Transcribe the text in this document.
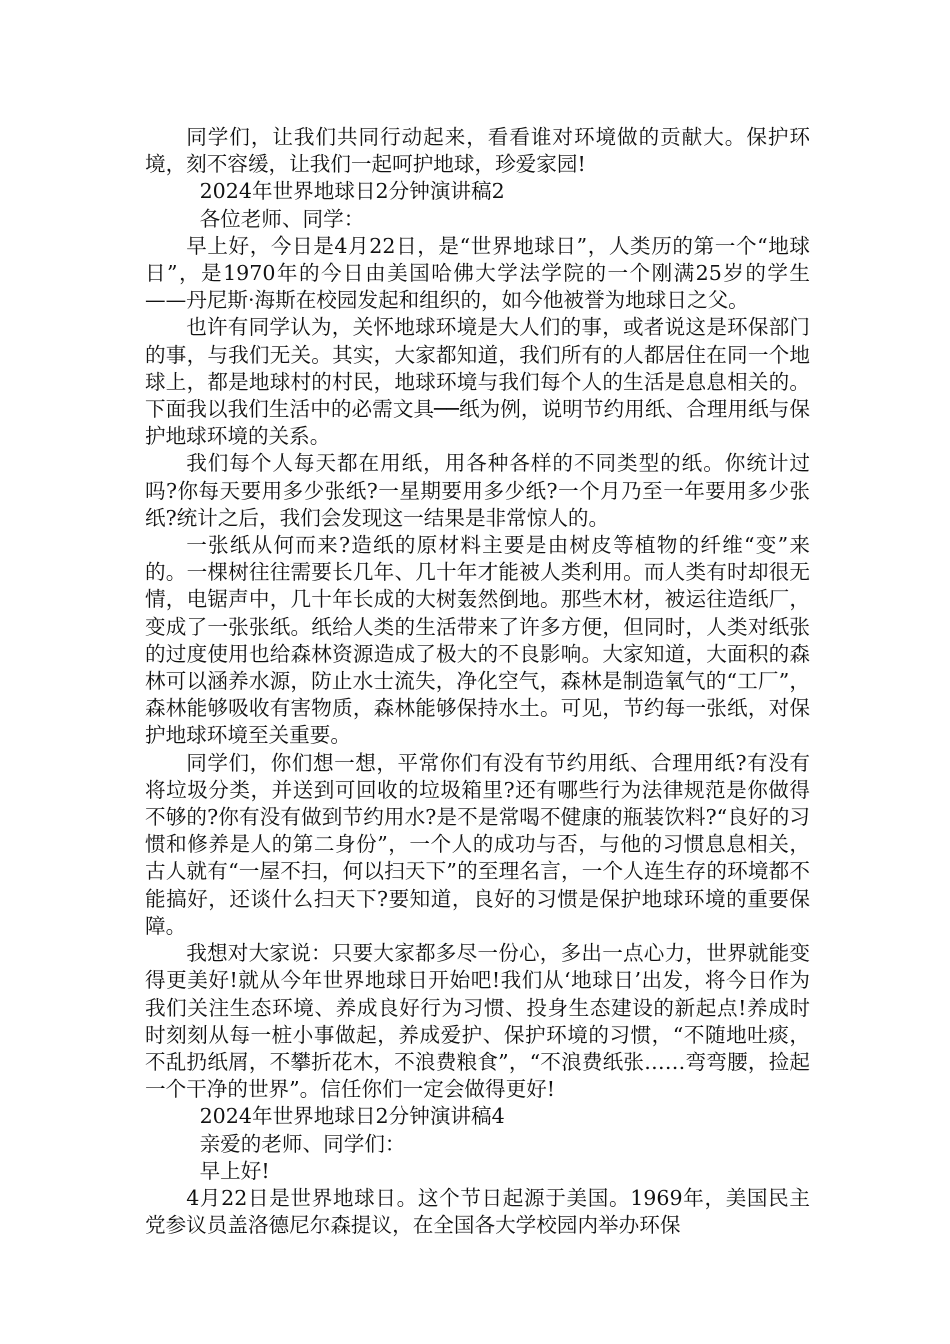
同学们，让我们共同行动起来，看看谁对环境做的贡献大。保护环境，刻不容缓，让我们一起呵护地球，珍爱家园!

2024年世界地球日2分钟演讲稿2

各位老师、同学：

早上好，今日是4月22日，是“世界地球日”，人类历的第一个“地球日”，是1970年的今日由美国哈佛大学法学院的一个刚满25岁的学生——丹尼斯·海斯在校园发起和组织的，如今他被誉为地球日之父。

也许有同学认为，关怀地球环境是大人们的事，或者说这是环保部门的事，与我们无关。其实，大家都知道，我们所有的人都居住在同一个地球上，都是地球村的村民，地球环境与我们每个人的生活是息息相关的。下面我以我们生活中的必需文具──纸为例，说明节约用纸、合理用纸与保护地球环境的关系。

我们每个人每天都在用纸，用各种各样的不同类型的纸。你统计过吗?你每天要用多少张纸?一星期要用多少纸?一个月乃至一年要用多少张纸?统计之后，我们会发现这一结果是非常惊人的。

一张纸从何而来?造纸的原材料主要是由树皮等植物的纤维“变”来的。一棵树往往需要长几年、几十年才能被人类利用。而人类有时却很无情，电锯声中，几十年长成的大树轰然倒地。那些木材，被运往造纸厂，变成了一张张纸。纸给人类的生活带来了许多方便，但同时，人类对纸张的过度使用也给森林资源造成了极大的不良影响。大家知道，大面积的森林可以涵养水源，防止水士流失，净化空气，森林是制造氧气的“工厂”，森林能够吸收有害物质，森林能够保持水土。可见，节约每一张纸，对保护地球环境至关重要。

同学们，你们想一想，平常你们有没有节约用纸、合理用纸?有没有将垃圾分类，并送到可回收的垃圾箱里?还有哪些行为法律规范是你做得不够的?你有没有做到节约用水?是不是常喝不健康的瓶装饮料?“良好的习惯和修养是人的第二身份”，一个人的成功与否，与他的习惯息息相关，古人就有“一屋不扫，何以扫天下”的至理名言，一个人连生存的环境都不能搞好，还谈什么扫天下?要知道，良好的习惯是保护地球环境的重要保障。

我想对大家说：只要大家都多尽一份心，多出一点心力，世界就能变得更美好!就从今年世界地球日开始吧!我们从‘地球日’出发，将今日作为我们关注生态环境、养成良好行为习惯、投身生态建设的新起点!养成时时刻刻从每一桩小事做起，养成爱护、保护环境的习惯，“不随地吐痰，不乱扔纸屑，不攀折花木，不浪费粮食”，“不浪费纸张……弯弯腰，捡起一个干净的世界”。信任你们一定会做得更好!

2024年世界地球日2分钟演讲稿4

亲爱的老师、同学们：

早上好!

4月22日是世界地球日。这个节日起源于美国。1969年，美国民主党参议员盖洛德尼尔森提议，在全国各大学校园内举办环保
